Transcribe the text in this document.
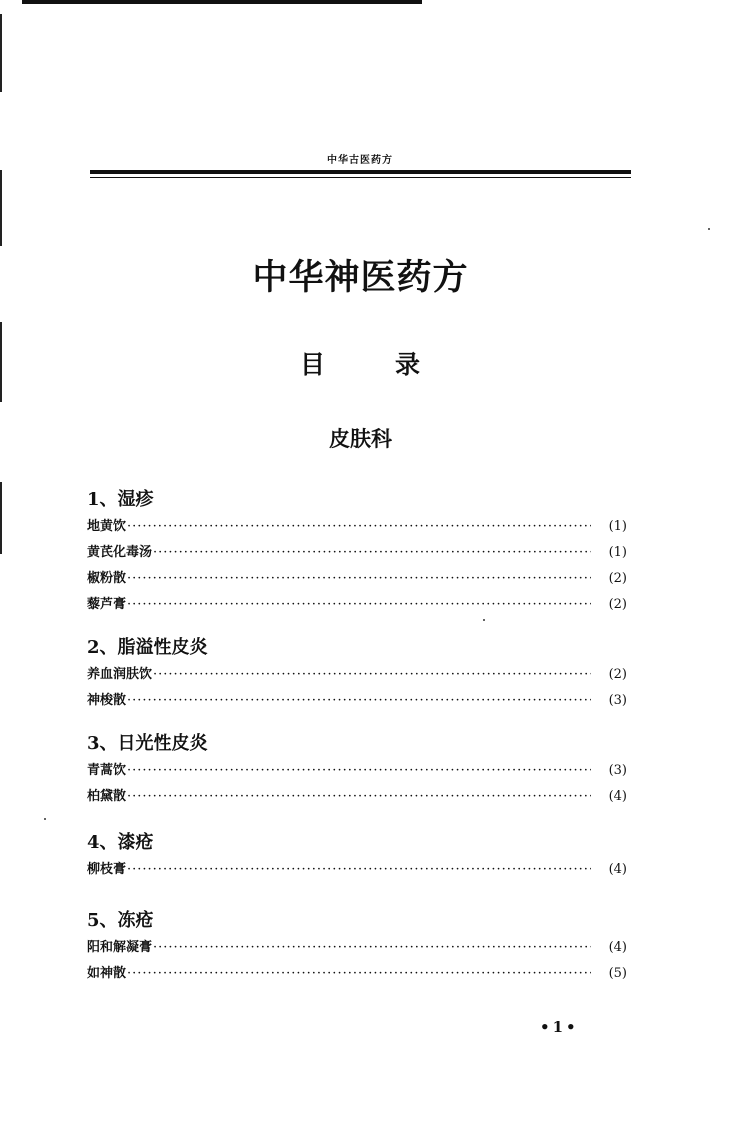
中华古医药方
中华神医药方
目	录
皮肤科
1、湿疹
地黄饮 ·····	(1)
黄芪化毒汤 ·····	(1)
椒粉散 ·····	(2)
藜芦膏 ·····	(2)
2、脂溢性皮炎
养血润肤饮 ·····	(2)
神梭散 ·····	(3)
3、日光性皮炎
青蒿饮 ·····	(3)
柏黛散 ·····	(4)
4、漆疮
柳枝膏 ·····	(4)
5、冻疮
阳和解凝膏 ·····	(4)
如神散 ·····	(5)
•1•
